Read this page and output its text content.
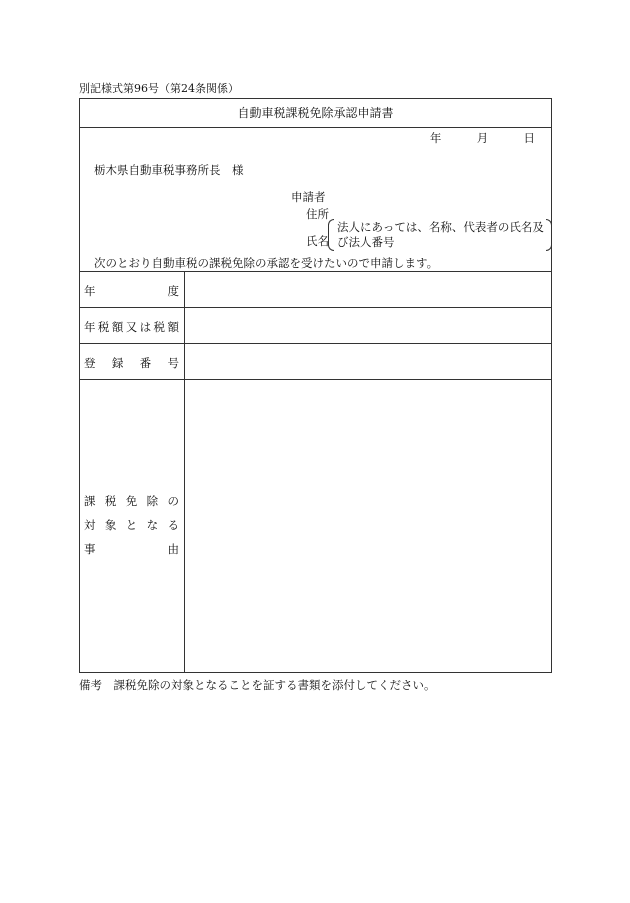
別記様式第96号（第24条関係）
自動車税課税免除承認申請書
年	月	日
栃木県自動車税事務所長　様
申請者
住所
氏名
法人にあっては、名称、代表者の氏名及び法人番号
次のとおり自動車税の課税免除の承認を受けたいので申請します。
年	度
年 税 額 又 は 税 額
登 録 番 号
課 税 免 除 の
対 象 と な る
事	由
備考　課税免除の対象となることを証する書類を添付してください。
